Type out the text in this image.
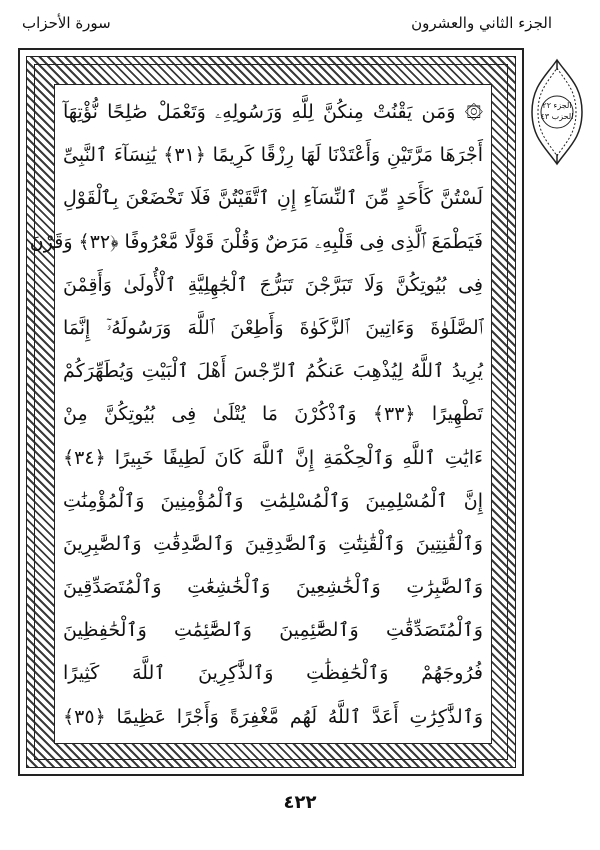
الجزء الثاني والعشرون
سورة الأحزاب
۞ وَمَن يَقْنُتْ مِنكُنَّ لِلَّهِ وَرَسُولِهِۦ وَتَعْمَلْ صَٰلِحًا نُّؤْتِهَآ
أَجْرَهَا مَرَّتَيْنِ وَأَعْتَدْنَا لَهَا رِزْقًا كَرِيمًا ﴿٣١﴾ يَٰنِسَآءَ ٱلنَّبِىِّ
لَسْتُنَّ كَأَحَدٍ مِّنَ ٱلنِّسَآءِ إِنِ ٱتَّقَيْتُنَّ فَلَا تَخْضَعْنَ بِٱلْقَوْلِ
فَيَطْمَعَ ٱلَّذِى فِى قَلْبِهِۦ مَرَضٌ وَقُلْنَ قَوْلًا مَّعْرُوفًا ﴿٣٢﴾ وَقَرْنَ
فِى بُيُوتِكُنَّ وَلَا تَبَرَّجْنَ تَبَرُّجَ ٱلْجَٰهِلِيَّةِ ٱلْأُولَىٰ وَأَقِمْنَ
ٱلصَّلَوٰةَ وَءَاتِينَ ٱلزَّكَوٰةَ وَأَطِعْنَ ٱللَّهَ وَرَسُولَهُۥٓ إِنَّمَا
يُرِيدُ ٱللَّهُ لِيُذْهِبَ عَنكُمُ ٱلرِّجْسَ أَهْلَ ٱلْبَيْتِ وَيُطَهِّرَكُمْ
تَطْهِيرًا ﴿٣٣﴾ وَٱذْكُرْنَ مَا يُتْلَىٰ فِى بُيُوتِكُنَّ مِنْ
ءَايَٰتِ ٱللَّهِ وَٱلْحِكْمَةِ إِنَّ ٱللَّهَ كَانَ لَطِيفًا خَبِيرًا ﴿٣٤﴾
إِنَّ ٱلْمُسْلِمِينَ وَٱلْمُسْلِمَٰتِ وَٱلْمُؤْمِنِينَ وَٱلْمُؤْمِنَٰتِ
وَٱلْقَٰنِتِينَ وَٱلْقَٰنِتَٰتِ وَٱلصَّٰدِقِينَ وَٱلصَّٰدِقَٰتِ وَٱلصَّٰبِرِينَ
وَٱلصَّٰبِرَٰتِ وَٱلْخَٰشِعِينَ وَٱلْخَٰشِعَٰتِ وَٱلْمُتَصَدِّقِينَ
وَٱلْمُتَصَدِّقَٰتِ وَٱلصَّٰٓئِمِينَ وَٱلصَّٰٓئِمَٰتِ وَٱلْحَٰفِظِينَ
فُرُوجَهُمْ وَٱلْحَٰفِظَٰتِ وَٱلذَّٰكِرِينَ ٱللَّهَ كَثِيرًا
وَٱلذَّٰكِرَٰتِ أَعَدَّ ٱللَّهُ لَهُم مَّغْفِرَةً وَأَجْرًا عَظِيمًا ﴿٣٥﴾
الجزء ٢٢
الحزب ٤٣
٤٢٢
